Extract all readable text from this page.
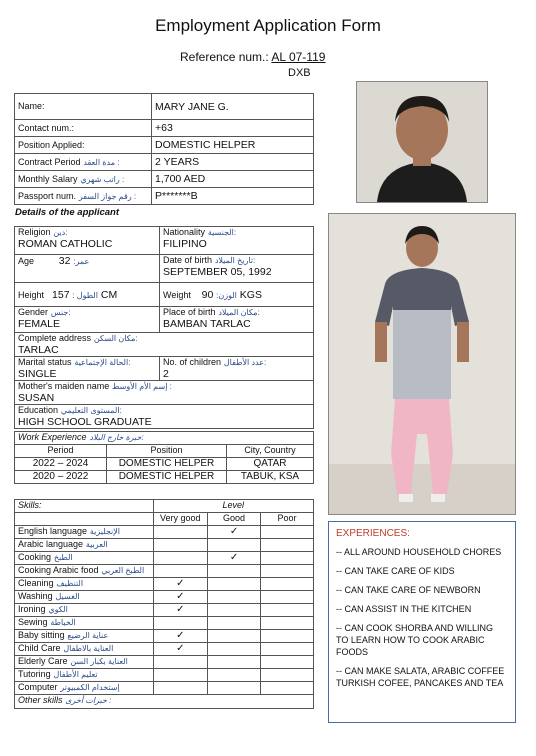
Employment Application Form
Reference num.: AL 07-119
DXB
Name:	MARY JANE G.
Contact num.:	+63
Position Applied:	DOMESTIC HELPER
Contract Period مدة العقد :	2 YEARS
Monthly Salary راتب شهري :	1,700 AED
Passport num. رقم جواز السفر :	P*******B
Details of the applicant
Religion دين:
ROMAN CATHOLIC	Nationality الجنسية:
FILIPINO
Age عمر: 32	Date of birth تاريخ الميلاد:
SEPTEMBER 05, 1992
Height الطول : 157 CM	Weight الوزن: 90 KGS
Gender جنس:
FEMALE	Place of birth مكان الميلاد:
BAMBAN TARLAC
Complete address مكان السكن:
TARLAC	
Marital status الحالة الإجتماعية:
SINGLE	No. of children عدد الأطفال:
2
Mother's maiden name إسم الأم الأوسط :
SUSAN	
Education المستوى التعليمي:
HIGH SCHOOL GRADUATE	
Work Experience خبرة خارج البلاد:		
Period	Position	City, Country
2022 – 2024	DOMESTIC HELPER	QATAR
2020 – 2022	DOMESTIC HELPER	TABUK, KSA
Skills:	Level		
	Very good	Good	Poor
English language الإنجليزية		✓	
Arabic language العربية			
Cooking الطبخ		✓	
Cooking Arabic food الطبخ العربي			
Cleaning التنظيف	✓		
Washing الغسيل	✓		
Ironing الكوي	✓		
Sewing الخياطة			
Baby sitting عناية الرضيع	✓		
Child Care العناية بالاطفال	✓		
Elderly Care العناية بكبار السن			
Tutoring تعليم الأطفال			
Computer إستخدام الكمبيوتر			
Other skills خبرات أخرى :			
EXPERIENCES:
-- ALL AROUND HOUSEHOLD CHORES
-- CAN TAKE CARE OF KIDS
-- CAN TAKE CARE OF NEWBORN
-- CAN ASSIST IN THE KITCHEN
-- CAN COOK SHORBA AND WILLING TO LEARN HOW TO COOK ARABIC FOODS
-- CAN MAKE SALATA, ARABIC COFFEE TURKISH COFEE, PANCAKES AND TEA
